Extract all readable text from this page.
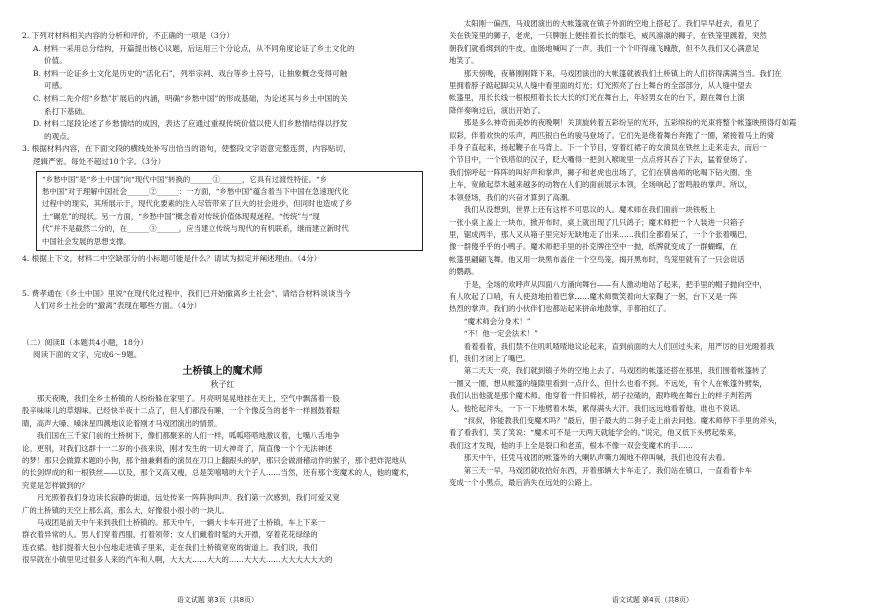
2. 下列对材料相关内容的分析和评价，不正确的一项是（3分）

A. 材料一采用总分结构，开篇提出核心议题，后运用三个分论点，从不同角度论证了乡土文化的

价值。

B. 材料一论证乡土文化是历史的“活化石”，列举宗祠、戏台等乡土符号，让抽象概念变得可触

可感。

C. 材料二先介绍“乡愁”扩展后的内涵，明确“乡愁中国”的形成基础，为论述其与乡土中国的关

系打下基础。

D. 材料二尾段论述了乡愁情结的成因，表达了应通过重视传统价值以使人们乡愁情结得以抒发

的观点。

3. 根据材料内容，在下面文段的横线处补写出恰当的语句，使整段文字语意完整连贯，内容贴切，

逻辑严密。每处不超过10个字。（3分）

“乡愁中国”是“乡土中国”向“现代中国”转换的______①______，它具有过渡性特征。“乡
愁中国”对于理解中国社会______②______：一方面，“乡愁中国”蕴含着当下中国在急速现代化
过程中的现实，其所展示于，现代化要素的注入尽管带来了巨大的社会进步，但同时也造成了乡
土“碾危”的现状。另一方面，“乡愁中国”概念看对传统价值体现观迷程。“传统”与“现
代”并不是截然二分的，在______③______，应当建立传统与现代的有机联系，继而建立新时代
中国社会发展的思想支撑。

4. 根据上下文，材料二中空缺部分的小标题可能是什么？请试为拟定并阐述理由。（4分）

5. 费孝通在《乡土中国》里说“在现代化过程中，我们已开始撤离乡土社会”，请结合材料谈谈当今

人们对乡土社会的“撤离”表现在哪些方面。（4分）

（二）阅读Ⅱ（本题共4小题，18分）

阅读下面的文字，完成6～9题。

土桥镇上的魔术师
秋子红

那天夜晚，我们全乡土桥镇的人纷纷躲在家里了。月亮明晃晃地挂在天上，空气中飘荡着一股

股辛味味儿的草烟味。已经快半夜十二点了，但人们都没有睡，一个个像反刍的老牛一样圆鼓着眼

睛，高声大嗓、嗓沫星四溅地议论着刚才马戏团演出的情景。

我们国在三千家门前的土桥树下，像们都聚来的人们一样，呱呱嗒嗒地激议着，七嘴八舌地争

论。更别，对我们这群十一二岁的小孩来说，刚才发生的一切大神奇了，简直像一个个无法神述

的梦！那只会做算术题的小狗，那个抽兼剩看的演员在刀口上翻跟头的驴，那只会做滑稽动作的猴子，那个把炸泥地从

的长剑焊成的和一根铁丝——以及，那个又高又瘦，总是笑嘻嘻的大个子人……当然，还有那个变魔术的人，他的魔术，

究竟是怎样做到的？

月光照着我们身边读长寂静的街道，远处传来一阵阵狗叫声。我们第一次感到，我们可爱又宽

广的土桥镇的天空上那么高，那么大，好像很小很小的一块儿。

马戏团是前天中午来到我们土桥镇的。那天中午，一辆大卡车开进了土桥镇，车上下来一

群衣着异常的人。男人们穿着西服，打着领带；女人们戴着时髦的大开襟，穿着花花绿绿的

连衣裙。他们提着大包小包地走进镇子里来，走在我们土桥镇宽宽的街道上。我们说，我们

很早就在小镇里见过很多人来的汽车和人啊，大大大……大大的……大大大……大大大大大大的

语文试题 第3页（共8页）

太阳刚一偏西，马戏团演出的大帐篷就在镇子外面的空地上搭起了。我们早早赶去，看见了

关在铁笼里的狮子，老虎，一只脾脏上便挂着长长的鬃毛，威风凛凛的狮子，在铁笼里踱着，突然

朝我们就看绑到的牛皮，血肠地喊叫了一声。我们一个个吓得魂飞魄散，但不久我们又心满意足

地笑了。

那天傍晚，夜幕刚刚降下来，马戏团演出的大帐篷就被我们土桥镇上的人们挤得满满当当。我们在

里拥着脖子踮起脚尖从人缝中看里面的灯光；灯光照亮了台上舞台的全部部分，从人缝中望去

帐篷里，用长长线一根根照着长长大长的灯光在舞台上，年轻男女在的台下，跟在舞台上演

降伴奏响过后，演出开始了。

那是多么神奇而美妙的夜晚啊！关顶旋转着五彩纷呈的光环，五彩缤纷的光束将整个帐篷映照得灯如霞

似彩，伴着欢快的乐声，两匹银白色的骏马登场了。它们先是绕着舞台奔跑了一圈，紧接着马上的骑

手身子直起来，扬起鞭子在马背上。下一个节目，穿着红裙子的女演员在铁丝上走来走去，而后一

个节目中，一个铁塔似的汉子，眨大嘴得一把剑入喉咙里一点点将其吞了下去，猛着登场了。

我们惊呼起一阵阵的叫好声和掌声，狮子和老虎也出场了，它们在驯兽师的吆喝下钻火圈、坐

上车，宽敞起草木越来越多的动物在人们的面前展示本领，全场响起了雷鸣般的掌声。所以，

本领登场，我们的兴奋才算到了高潮。

我们从没想到，世界上还有这样不可思议的人。魔术师在我们面前一块铁板上

一张小桌上盖上一块布，掀开布时，桌上就出现了几只鸽子；魔术师把一个人装进一只箱子

里，锯成两半，那人又从箱子里完好无缺地走了出来……我们全都看呆了，一个个张着嘴巴，

像一群傻乎乎的小鸭子。魔术师把手里的扑克牌往空中一抛，纸牌就变成了一群蝴蝶，在

帐篷里翩翩飞舞。他又用一块黑布盖住一个空鸟笼，揭开黑布时，鸟笼里就有了一只会说话

的鹦鹉。

于是，全场的欢呼声从四面八方涌向舞台——有人激动地站了起来，把手里的帽子抛向空中，

有人吹起了口哨，有人使劲地拍着巴掌……魔术师微笑着向大家鞠了一躬，台下又是一阵

热烈的掌声。我们的小伙伴们也都站起来拼命地鼓掌，手都拍红了。

“魔术师会分身术！”

“不！他一定会法术！”

看着看着，我们禁不住叽叽喳喳地议论起来，直到前面的大人们回过头来，用严厉的目光瞪着我

们，我们才闭上了嘴巴。

第二天天一亮，我们就到镇子外的空地上去了。马戏团的帐篷还搭在那里，我们围着帐篷转了

一圈又一圈，想从帐篷的缝隙里看到一点什么，但什么也看不到。不远处，有个人在帐篷外劈柴，

我们认出他就是那个魔术师。他穿着一件旧棉袄，胡子拉碴的，跟昨晚在舞台上的样子判若两

人。他抡起斧头，一下一下地劈着木柴，累得满头大汗。我们远远地看着他，谁也不说话。

“叔叔，你能教我们变魔术吗？”最后，胆子最大的二狗子走上前去问他。魔术师停下手里的斧头，

看了看我们，笑了笑说：“魔术可不是一天两天就能学会的。”说完，他又低下头劈起柴来，

我们这才发现，他的手上全是裂口和老茧，根本不像一双会变魔术的手……

那天中午，任凭马戏团的帐篷外的大喇叭声嘶力竭地不停叫喊，我们也没有去看。

第三天一早，马戏团就收拾好东西，开着那辆大卡车走了。我们站在镇口，一直看着卡车

变成一个小黑点，最后消失在远处的公路上。

语文试题 第4页（共8页）
